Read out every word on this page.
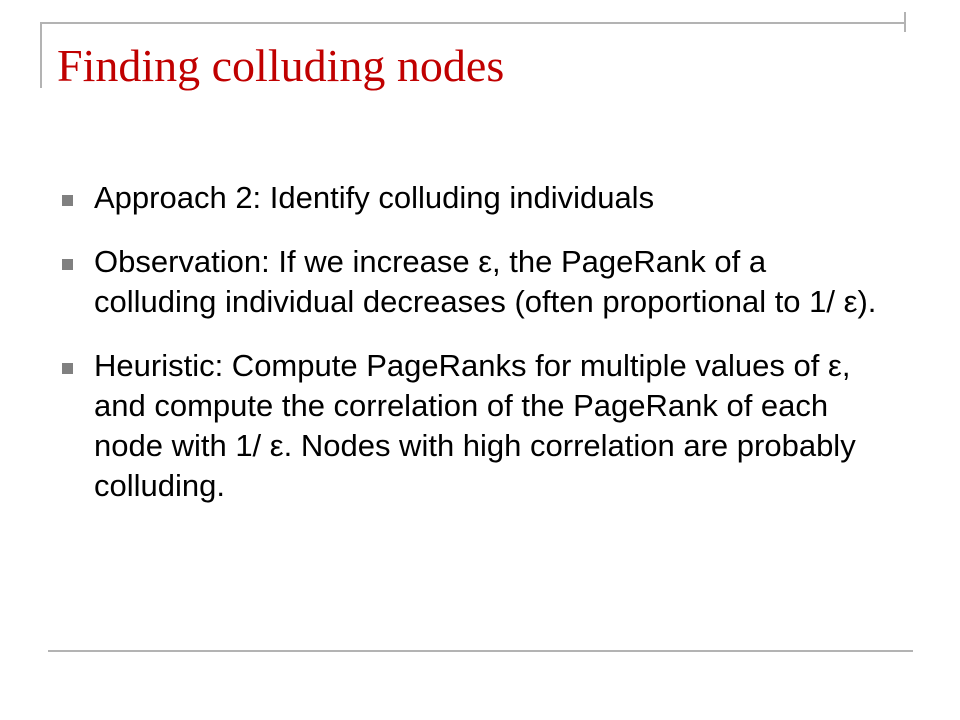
Finding colluding nodes
Approach 2: Identify colluding individuals
Observation: If we increase ε, the PageRank of a colluding individual decreases (often proportional to 1/ ε).
Heuristic: Compute PageRanks for multiple values of ε, and compute the correlation of the PageRank of each node with 1/ ε. Nodes with high correlation are probably colluding.
